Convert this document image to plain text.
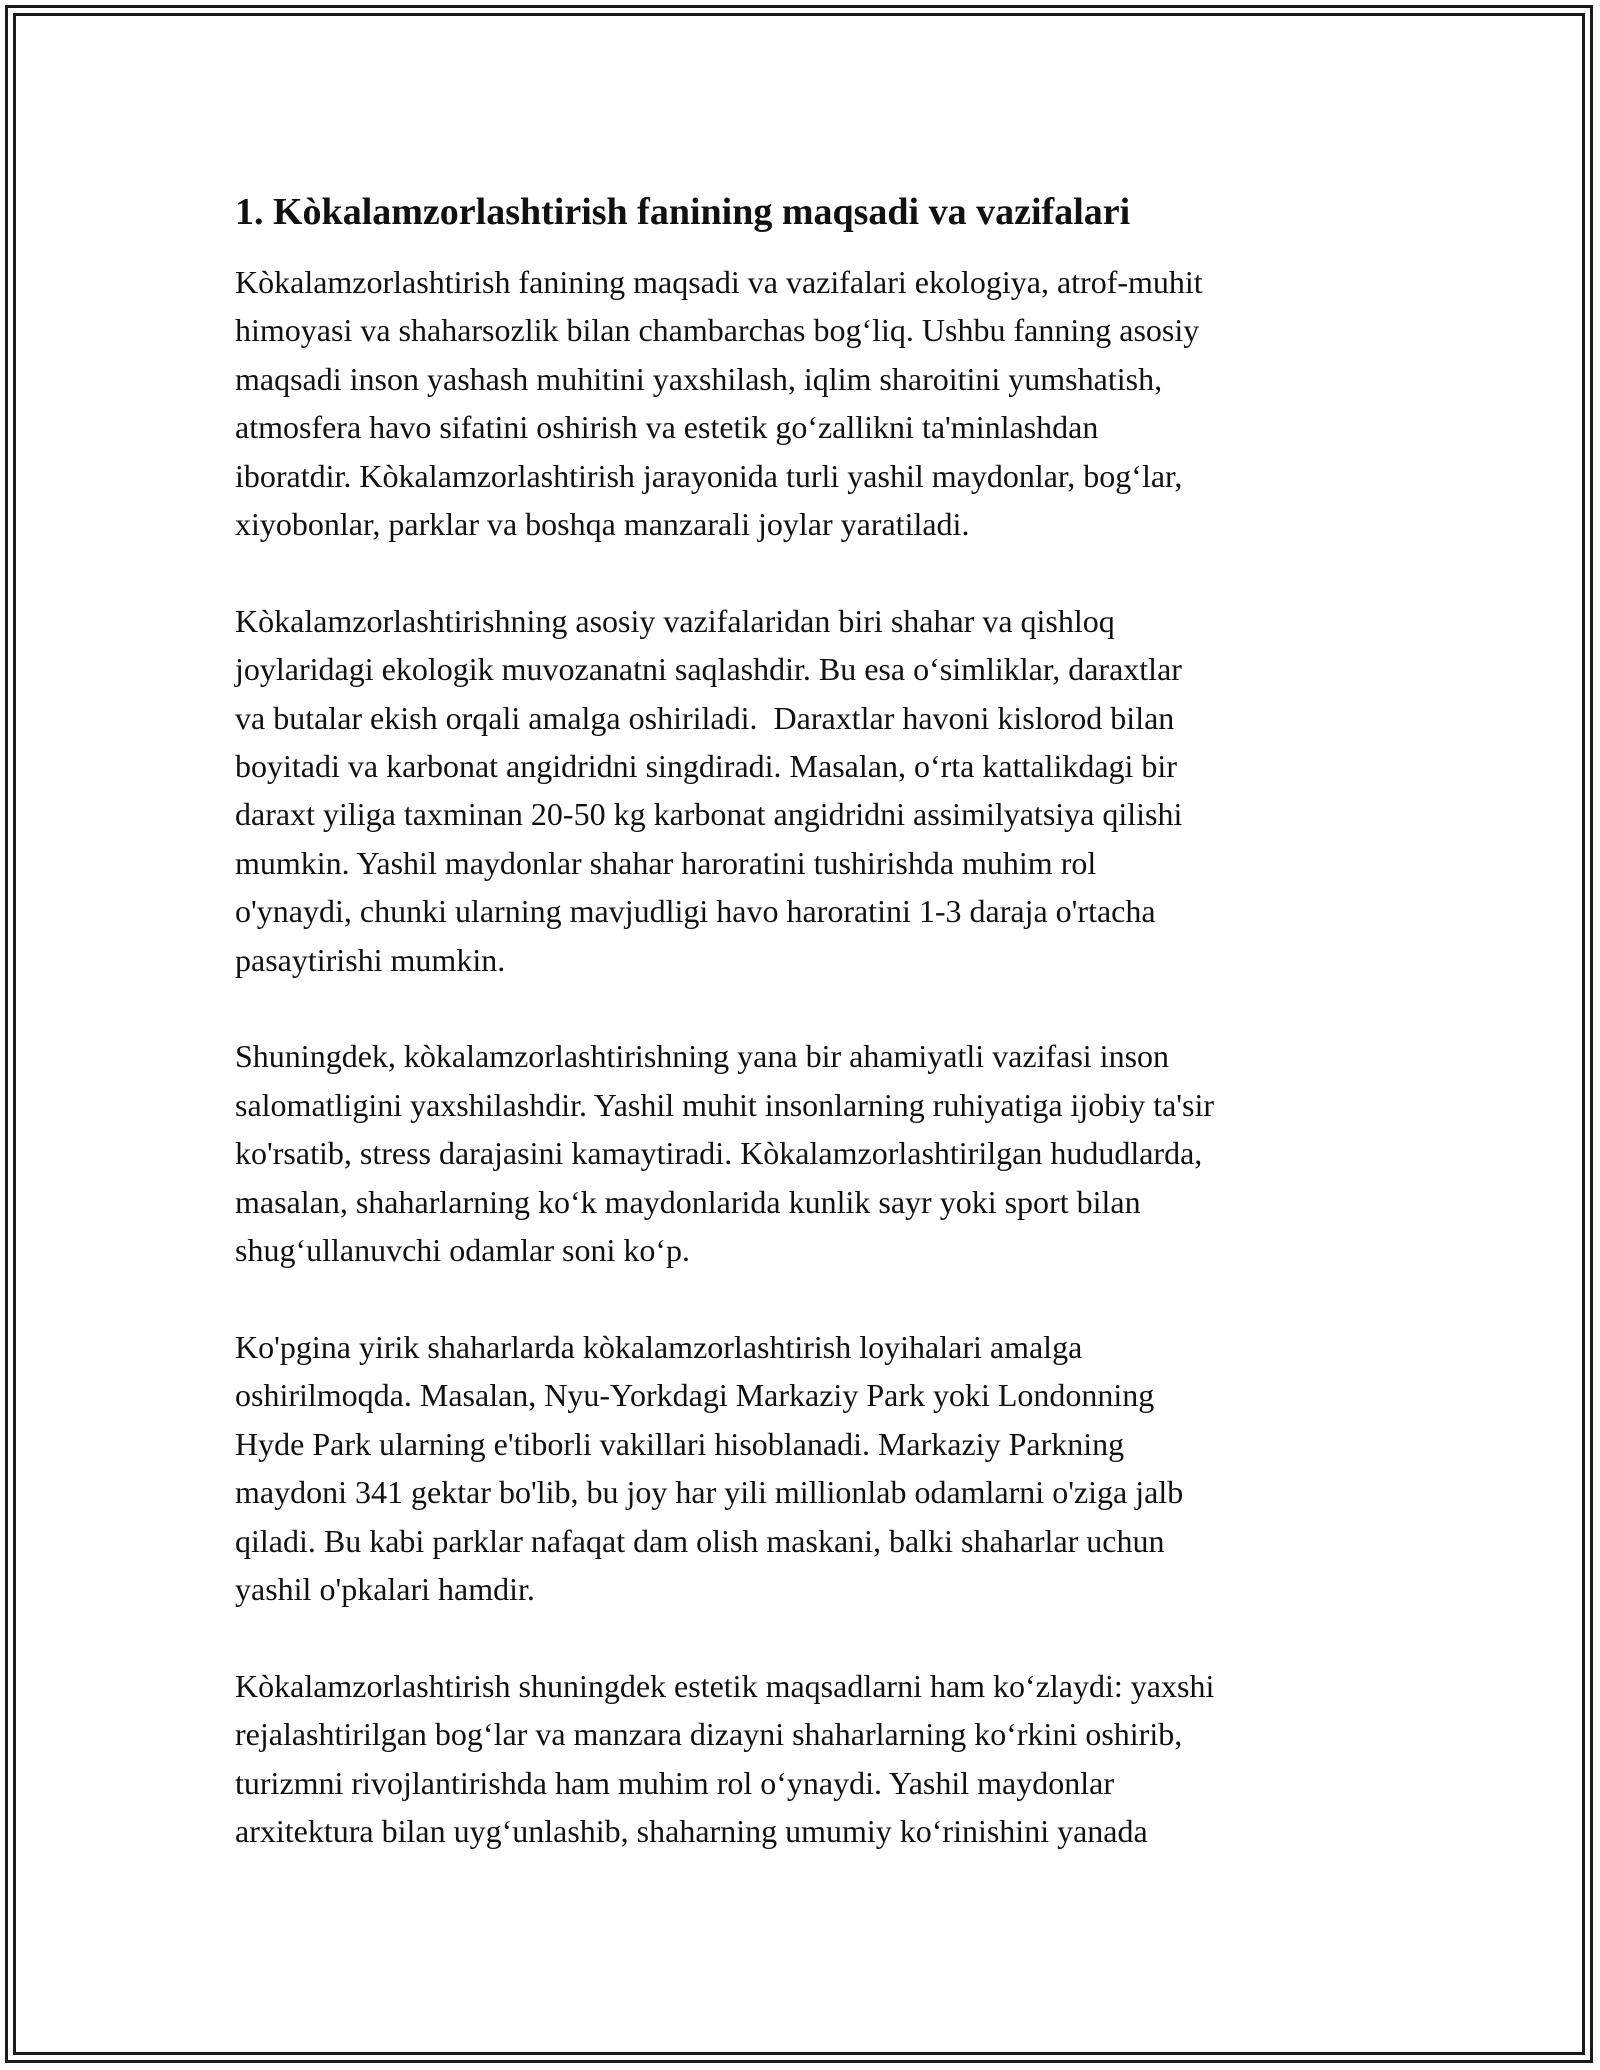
1. Kòkalamzorlashtirish fanining maqsadi va vazifalari
Kòkalamzorlashtirish fanining maqsadi va vazifalari ekologiya, atrof-muhit
himoyasi va shaharsozlik bilan chambarchas bogʻliq. Ushbu fanning asosiy
maqsadi inson yashash muhitini yaxshilash, iqlim sharoitini yumshatish,
atmosfera havo sifatini oshirish va estetik goʻzallikni ta'minlashdan
iboratdir. Kòkalamzorlashtirish jarayonida turli yashil maydonlar, bogʻlar,
xiyobonlar, parklar va boshqa manzarali joylar yaratiladi.
Kòkalamzorlashtirishning asosiy vazifalaridan biri shahar va qishloq
joylaridagi ekologik muvozanatni saqlashdir. Bu esa oʻsimliklar, daraxtlar
va butalar ekish orqali amalga oshiriladi.  Daraxtlar havoni kislorod bilan
boyitadi va karbonat angidridni singdiradi. Masalan, oʻrta kattalikdagi bir
daraxt yiliga taxminan 20-50 kg karbonat angidridni assimilyatsiya qilishi
mumkin. Yashil maydonlar shahar haroratini tushirishda muhim rol
o'ynaydi, chunki ularning mavjudligi havo haroratini 1-3 daraja o'rtacha
pasaytirishi mumkin.
Shuningdek, kòkalamzorlashtirishning yana bir ahamiyatli vazifasi inson
salomatligini yaxshilashdir. Yashil muhit insonlarning ruhiyatiga ijobiy ta'sir
ko'rsatib, stress darajasini kamaytiradi. Kòkalamzorlashtirilgan hududlarda,
masalan, shaharlarning koʻk maydonlarida kunlik sayr yoki sport bilan
shugʻullanuvchi odamlar soni koʻp.
Ko'pgina yirik shaharlarda kòkalamzorlashtirish loyihalari amalga
oshirilmoqda. Masalan, Nyu-Yorkdagi Markaziy Park yoki Londonning
Hyde Park ularning e'tiborli vakillari hisoblanadi. Markaziy Parkning
maydoni 341 gektar bo'lib, bu joy har yili millionlab odamlarni o'ziga jalb
qiladi. Bu kabi parklar nafaqat dam olish maskani, balki shaharlar uchun
yashil o'pkalari hamdir.
Kòkalamzorlashtirish shuningdek estetik maqsadlarni ham koʻzlaydi: yaxshi
rejalashtirilgan bogʻlar va manzara dizayni shaharlarning koʻrkini oshirib,
turizmni rivojlantirishda ham muhim rol oʻynaydi. Yashil maydonlar
arxitektura bilan uygʻunlashib, shaharning umumiy koʻrinishini yanada
